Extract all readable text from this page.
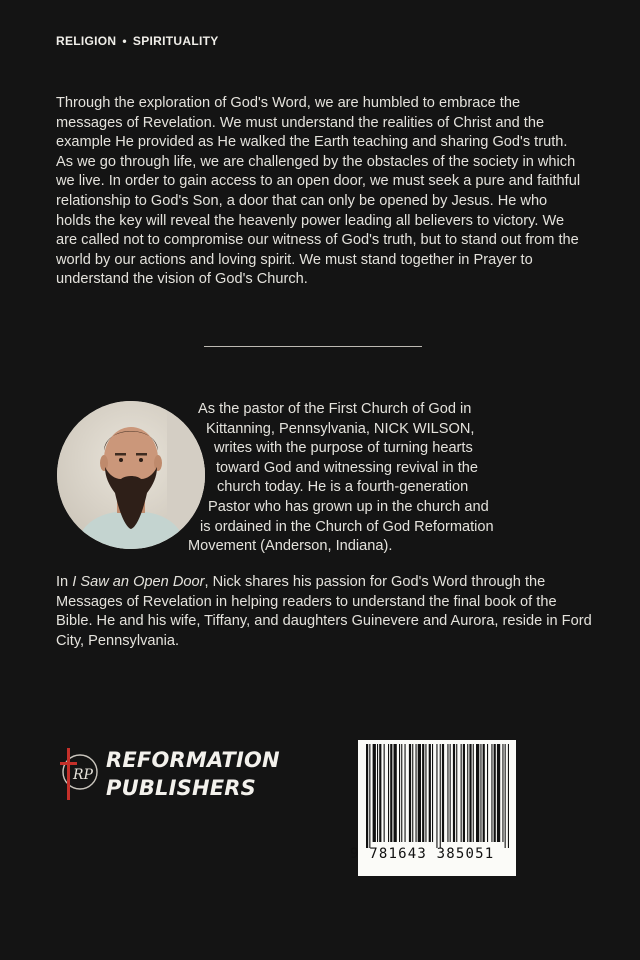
RELIGION • SPIRITUALITY

Through the exploration of God's Word, we are humbled to embrace the messages of Revelation. We must understand the realities of Christ and the example He provided as He walked the Earth teaching and sharing God's truth. As we go through life, we are challenged by the obstacles of the society in which we live. In order to gain access to an open door, we must seek a pure and faithful relationship to God's Son, a door that can only be opened by Jesus. He who holds the key will reveal the heavenly power leading all believers to victory. We are called not to compromise our witness of God's truth, but to stand out from the world by our actions and loving spirit. We must stand together in Prayer to understand the vision of God's Church.

As the pastor of the First Church of God in
Kittanning, Pennsylvania, NICK WILSON,
writes with the purpose of turning hearts
toward God and witnessing revival in the
church today. He is a fourth-generation
Pastor who has grown up in the church and
is ordained in the Church of God Reformation
Movement (Anderson, Indiana).

In I Saw an Open Door, Nick shares his passion for God's Word through the Messages of Revelation in helping readers to understand the final book of the Bible. He and his wife, Tiffany, and daughters Guinevere and Aurora, reside in Ford City, Pennsylvania.

RP
REFORMATION
PUBLISHERS
9 781643 385051
